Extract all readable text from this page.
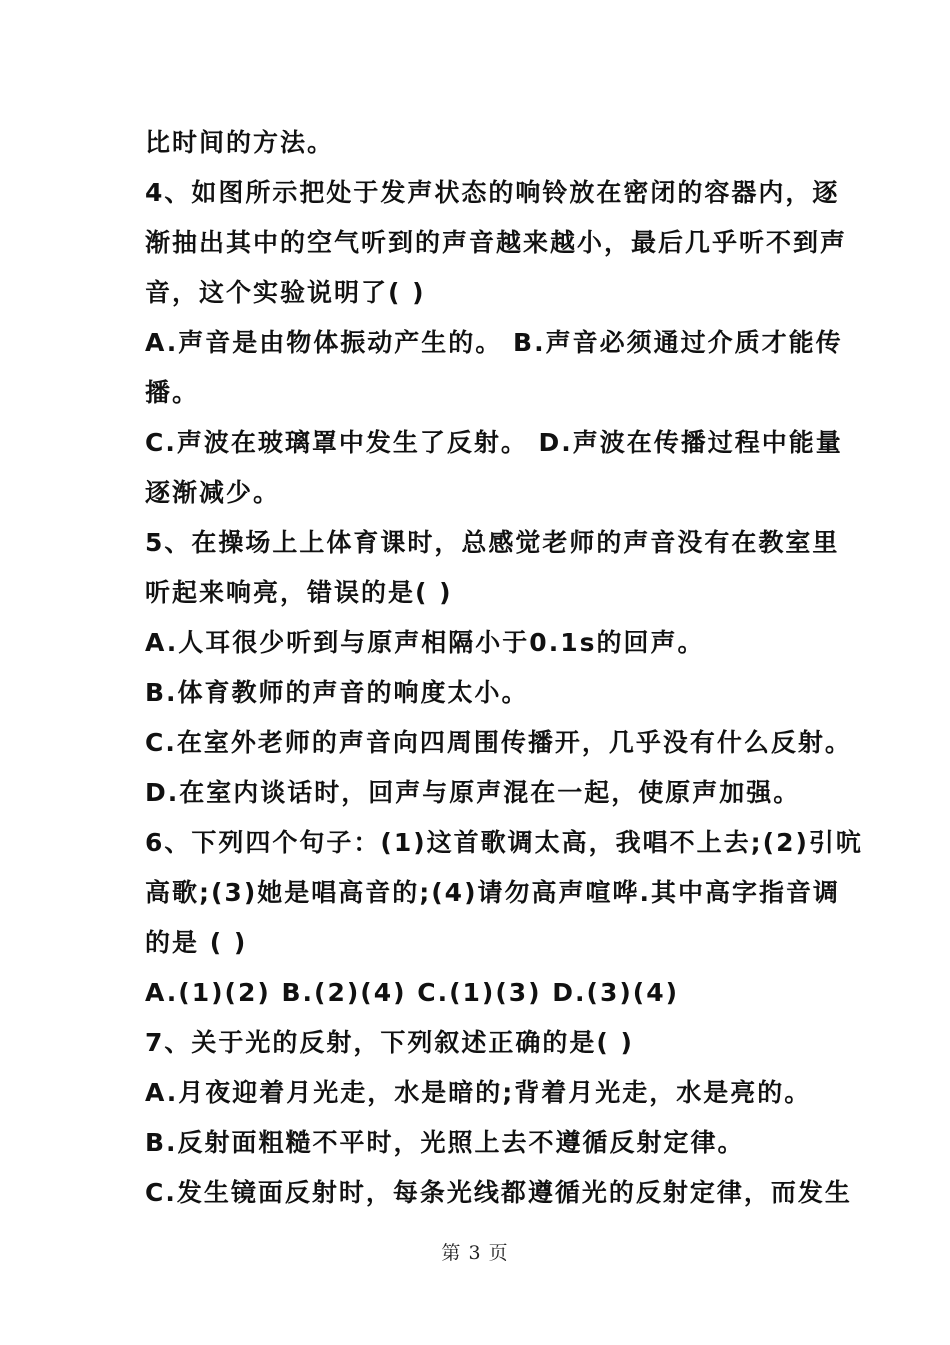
比时间的方法。
4、如图所示把处于发声状态的响铃放在密闭的容器内，逐
渐抽出其中的空气听到的声音越来越小，最后几乎听不到声
音，这个实验说明了( )
A.声音是由物体振动产生的。 B.声音必须通过介质才能传
播。
C.声波在玻璃罩中发生了反射。 D.声波在传播过程中能量
逐渐减少。
5、在操场上上体育课时，总感觉老师的声音没有在教室里
听起来响亮，错误的是( )
A.人耳很少听到与原声相隔小于0.1s的回声。
B.体育教师的声音的响度太小。
C.在室外老师的声音向四周围传播开，几乎没有什么反射。
D.在室内谈话时，回声与原声混在一起，使原声加强。
6、下列四个句子：(1)这首歌调太高，我唱不上去;(2)引吭
高歌;(3)她是唱高音的;(4)请勿高声喧哗.其中高字指音调
的是 ( )
A.(1)(2) B.(2)(4) C.(1)(3) D.(3)(4)
7、关于光的反射，下列叙述正确的是( )
A.月夜迎着月光走，水是暗的;背着月光走，水是亮的。
B.反射面粗糙不平时，光照上去不遵循反射定律。
C.发生镜面反射时，每条光线都遵循光的反射定律，而发生
第 3 页
